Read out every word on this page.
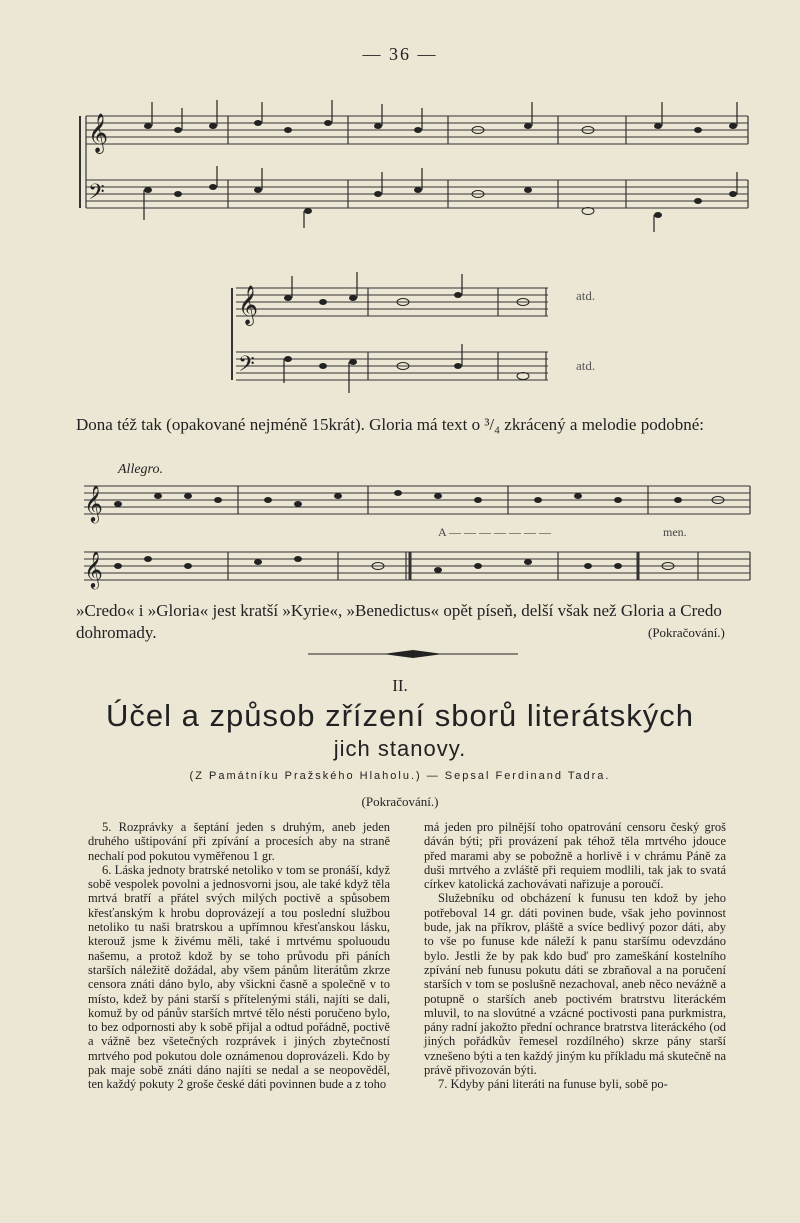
— 36 —
𝄞
𝄢
𝄞
𝄢
atd.
atd.
Dona též tak (opakované nejméně 15krát). Gloria má text o ³/₄ zkrácený a melodie podobné:
Allegro.
𝄞
A — — — — — — —	men.
𝄞
»Credo« i »Gloria« jest kratší »Kyrie«, »Benedictus« opět píseň, delší však než Gloria a Credo dohromady.	(Pokračování.)
II.
Účel a způsob zřízení sborů literátských
jich stanovy.
(Z Památníku Pražského Hlaholu.) — Sepsal Ferdinand Tadra.
(Pokračování.)

5. Rozprávky a šeptání jeden s druhým, aneb jeden druhého uštipování při zpívání a procesích aby na straně nechalí pod pokutou vyměřenou 1 gr.

6. Láska jednoty bratrské netoliko v tom se pronáší, když sobě vespolek povolni a jednosvorni jsou, ale také když těla mrtvá bratří a přátel svých milých poctivě a spůsobem křesťanským k hrobu doprovázejí a tou poslední službou netoliko tu naši bratrskou a upřímnou křesťanskou lásku, kterouž jsme k živému měli, také i mrtvému spoluoudu našemu, a protož kdož by se toho průvodu při páních starších náležitě dožádal, aby všem pánům literátům zkrze censora znáti dáno bylo, aby všickni časně a společně v to místo, kdež by páni starší s přítelenými stáli, najíti se dali, komuž by od pánův starších mrtvé tělo nésti poručeno bylo, to bez odpornosti aby k sobě přijal a odtud pořádně, poctivě a vážně bez všetečných rozprávek i jiných zbytečností mrtvého pod pokutou dole oznámenou doprovázeli. Kdo by pak maje sobě znáti dáno najíti se nedal a se neopověděl, ten každý pokuty 2 groše české dáti povinnen bude a z toho

má jeden pro pilnější toho opatrování censoru český groš dáván býti; při provázení pak téhož těla mrtvého jdouce před marami aby se pobožně a horlivě i v chrámu Páně za duši mrtvého a zvláště při requiem modlili, tak jak to svatá církev katolická zachovávati nařizuje a poroučí.

Služebníku od obcházení k funusu ten kdož by jeho potřeboval 14 gr. dáti povinen bude, však jeho povinnost bude, jak na příkrov, pláště a svíce bedlivý pozor dáti, aby to vše po funuse kde náleží k panu staršímu odevzdáno bylo. Jestli že by pak kdo buď pro zameškání kostelního zpívání neb funusu pokutu dáti se zbraňoval a na poručení starších v tom se poslušně nezachoval, aneb něco neváżně a potupně o starších aneb poctivém bratrstvu literáckém mluvil, to na slovútné a vzácné poctivosti pana purkmistra, pány radní jakožto přední ochrance bratrstva literáckého (od jiných pořádkův řemesel rozdílného) skrze pány starší vznešeno býti a ten každý jiným ku příkladu má skutečně na právě přivozován býti.

7. Kdyby páni literáti na funuse byli, sobě po-
